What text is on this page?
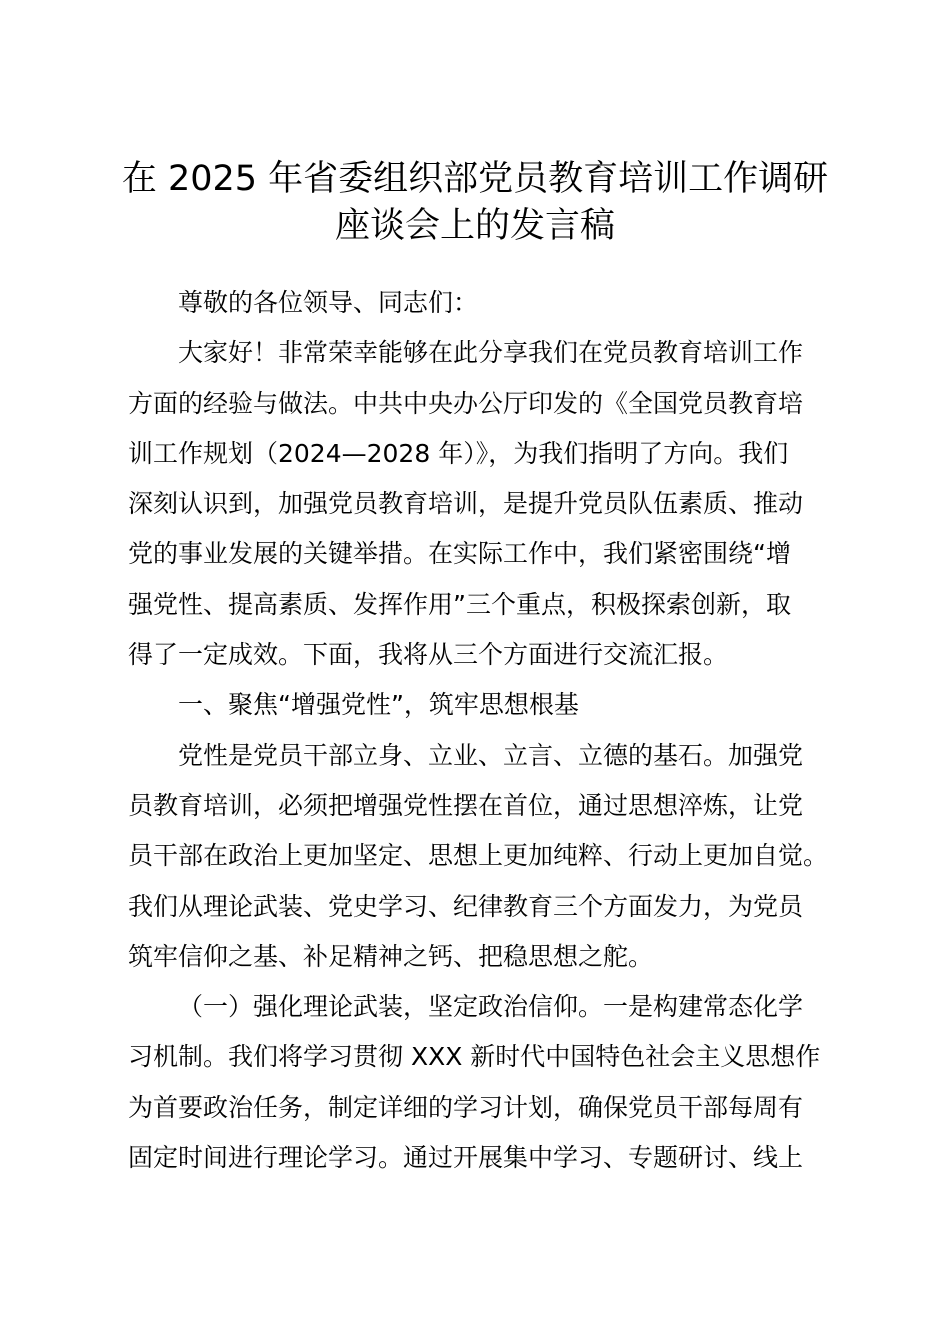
在 2025 年省委组织部党员教育培训工作调研
座谈会上的发言稿
尊敬的各位领导、同志们：
大家好！非常荣幸能够在此分享我们在党员教育培训工作
方面的经验与做法。中共中央办公厅印发的《全国党员教育培
训工作规划（2024—2028 年）》，为我们指明了方向。我们
深刻认识到，加强党员教育培训，是提升党员队伍素质、推动
党的事业发展的关键举措。在实际工作中，我们紧密围绕“增
强党性、提高素质、发挥作用”三个重点，积极探索创新，取
得了一定成效。下面，我将从三个方面进行交流汇报。
一、聚焦“增强党性”，筑牢思想根基
党性是党员干部立身、立业、立言、立德的基石。加强党
员教育培训，必须把增强党性摆在首位，通过思想淬炼，让党
员干部在政治上更加坚定、思想上更加纯粹、行动上更加自觉。
我们从理论武装、党史学习、纪律教育三个方面发力，为党员
筑牢信仰之基、补足精神之钙、把稳思想之舵。
（一）强化理论武装，坚定政治信仰。一是构建常态化学
习机制。我们将学习贯彻 XXX 新时代中国特色社会主义思想作
为首要政治任务，制定详细的学习计划，确保党员干部每周有
固定时间进行理论学习。通过开展集中学习、专题研讨、线上
